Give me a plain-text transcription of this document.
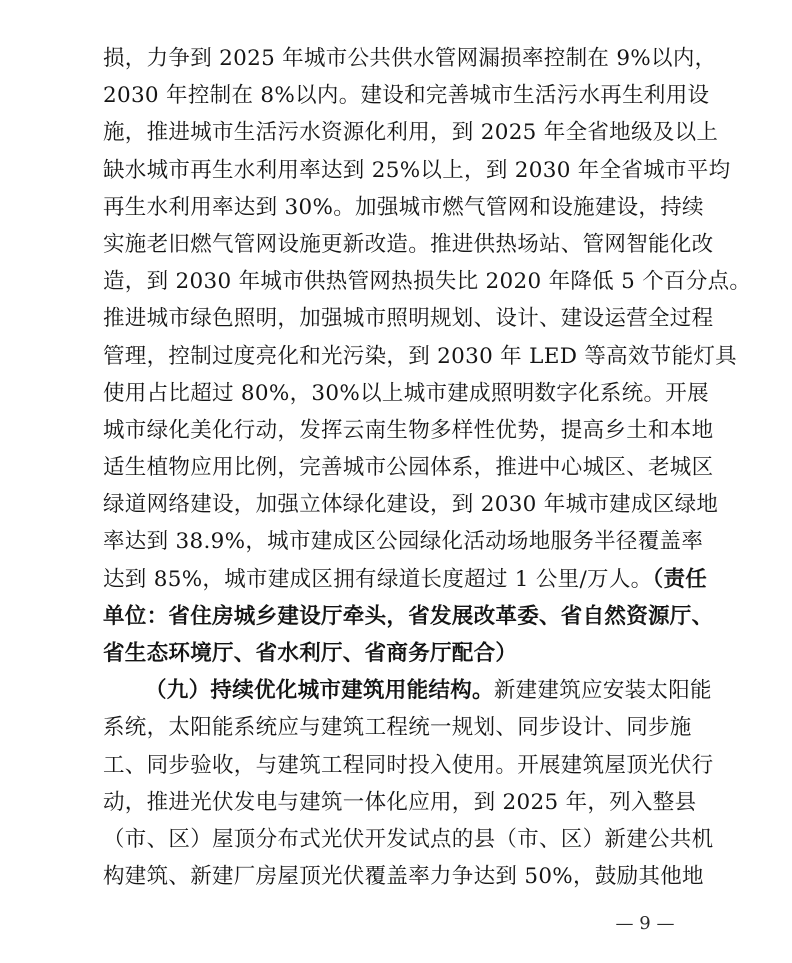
损，力争到 2025 年城市公共供水管网漏损率控制在 9%以内，
2030 年控制在 8%以内。建设和完善城市生活污水再生利用设
施，推进城市生活污水资源化利用，到 2025 年全省地级及以上
缺水城市再生水利用率达到 25%以上，到 2030 年全省城市平均
再生水利用率达到 30%。加强城市燃气管网和设施建设，持续
实施老旧燃气管网设施更新改造。推进供热场站、管网智能化改
造，到 2030 年城市供热管网热损失比 2020 年降低 5 个百分点。
推进城市绿色照明，加强城市照明规划、设计、建设运营全过程
管理，控制过度亮化和光污染，到 2030 年 LED 等高效节能灯具
使用占比超过 80%，30%以上城市建成照明数字化系统。开展
城市绿化美化行动，发挥云南生物多样性优势，提高乡土和本地
适生植物应用比例，完善城市公园体系，推进中心城区、老城区
绿道网络建设，加强立体绿化建设，到 2030 年城市建成区绿地
率达到 38.9%，城市建成区公园绿化活动场地服务半径覆盖率
达到 85%，城市建成区拥有绿道长度超过 1 公里/万人。（责任
单位：省住房城乡建设厅牵头，省发展改革委、省自然资源厅、
省生态环境厅、省水利厅、省商务厅配合）
（九）持续优化城市建筑用能结构。新建建筑应安装太阳能
系统，太阳能系统应与建筑工程统一规划、同步设计、同步施
工、同步验收，与建筑工程同时投入使用。开展建筑屋顶光伏行
动，推进光伏发电与建筑一体化应用，到 2025 年，列入整县
（市、区）屋顶分布式光伏开发试点的县（市、区）新建公共机
构建筑、新建厂房屋顶光伏覆盖率力争达到 50%，鼓励其他地
— 9 —
